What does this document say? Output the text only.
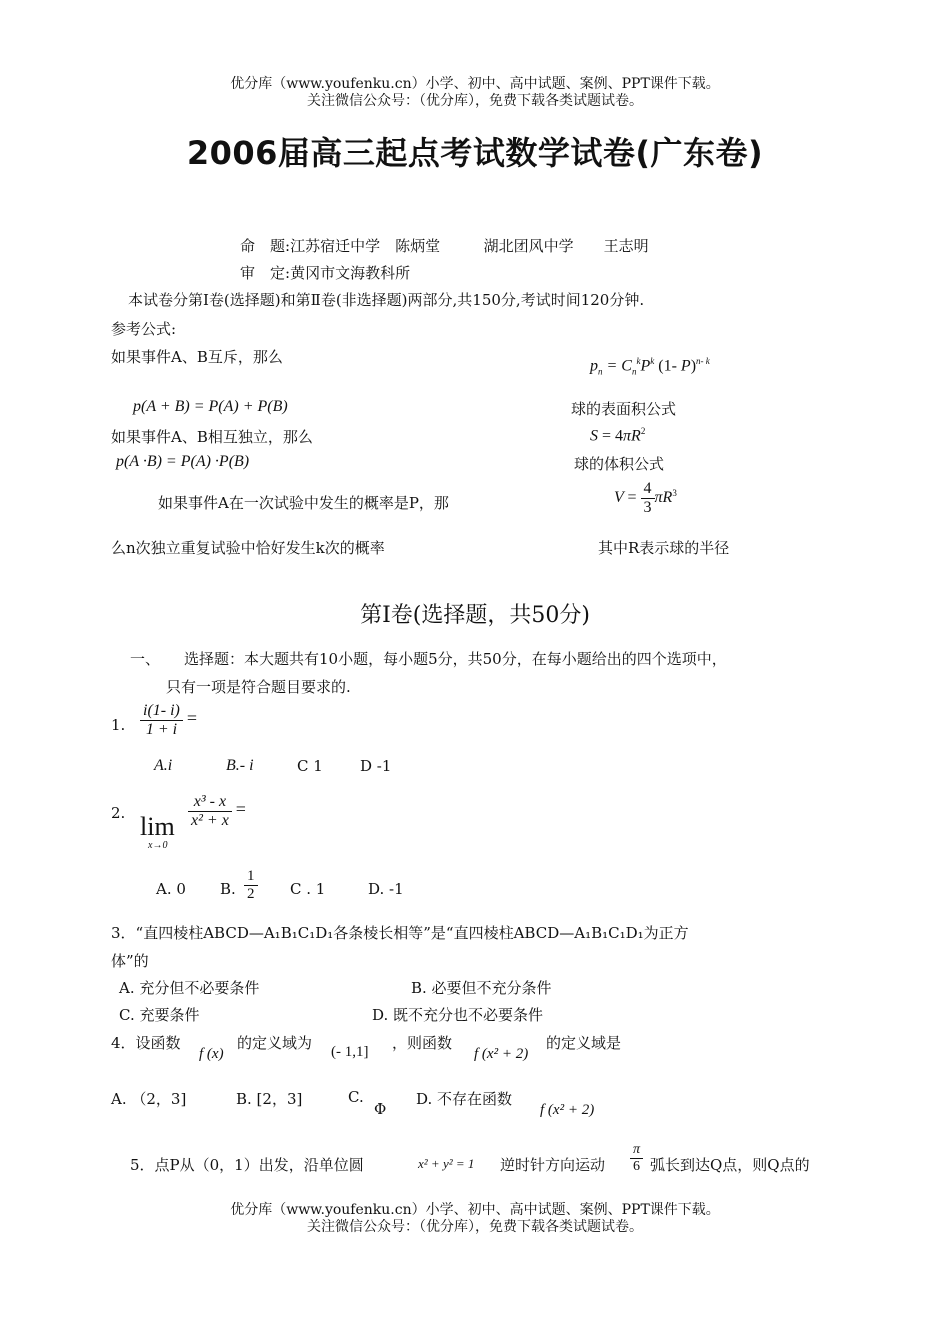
优分库（www.youfenku.cn）小学、初中、高中试题、案例、PPT课件下载。
关注微信公众号：（优分库），免费下载各类试题试卷。
2006届高三起点考试数学试卷(广东卷)
命　题:江苏宿迁中学　陈炳堂	湖北团风中学　　王志明
审　定:黄冈市文海教科所
本试卷分第Ⅰ卷(选择题)和第Ⅱ卷(非选择题)两部分,共150分,考试时间120分钟.
参考公式:
如果事件A、B互斥，那么	$p_n = C_n^kP^k$ (1- P)$^{n- k}$
p(A + B) = P(A) + P(B)	球的表面积公式
如果事件A、B相互独立，那么	$S = 4\pi R^2$
p(A ·B) = P(A) ·P(B)	球的体积公式
如果事件A在一次试验中发生的概率是P，那	$V = \frac{4}{3} \pi R^3$
么n次独立重复试验中恰好发生k次的概率	其中R表示球的半径
第Ⅰ卷(选择题，共50分)
一、 选择题：本大题共有10小题，每小题5分，共50分，在每小题给出的四个选项中，
只有一项是符合题目要求的.
1. $\frac{i(1- i)}{1 + i}$ =
A.i	B.- i	C 1 D -1
2. lim
x→0
$\frac{\text{x³ - x}}{\text{x² + x}}$ =
A. 0 B. $\frac{1}{2}$ C . 1	D. -1
3．“直四棱柱ABCD—A₁B₁C₁D₁各条棱长相等”是“直四棱柱ABCD—A₁B₁C₁D₁为正方
体”的
A. 充分但不必要条件	B. 必要但不充分条件
C. 充要条件	D. 既不充分也不必要条件
4．设函数
f (x)
的定义域为 (- 1,1] ，则函数
f (x² + 2)
的定义域是
A. （2，3]	B. [2，3]	C.
Φ
D. 不存在函数
f (x² + 2)
5．点P从（0，1）出发，沿单位圆	x² + y² = 1 逆时针方向运动 $\frac{\pi}{6}$ 弧长到达Q点，则Q点的
优分库（www.youfenku.cn）小学、初中、高中试题、案例、PPT课件下载。
关注微信公众号：（优分库），免费下载各类试题试卷。
